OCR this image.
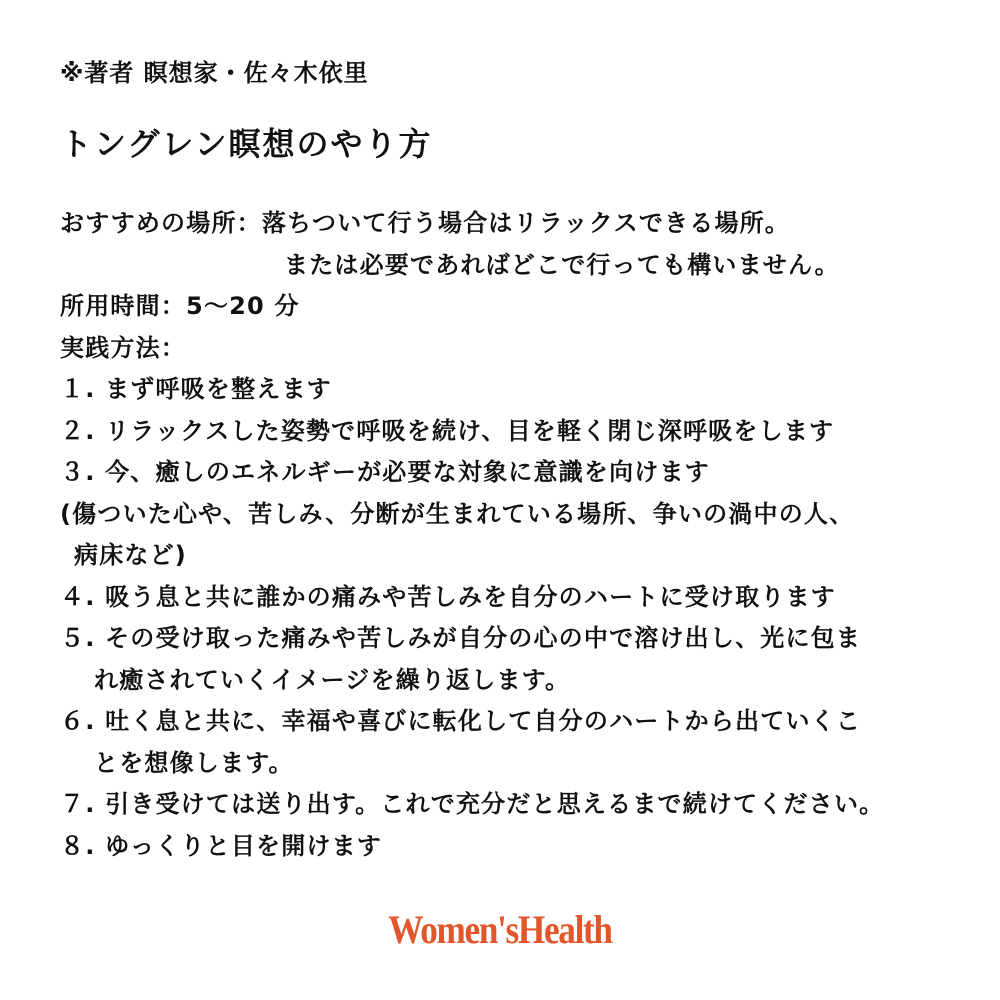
※著者 瞑想家・佐々木依里
トングレン瞑想のやり方
おすすめの場所：落ちついて行う場合はリラックスできる場所。
または必要であればどこで行っても構いません。
所用時間：5〜20 分
実践方法：
１. まず呼吸を整えます
２. リラックスした姿勢で呼吸を続け、目を軽く閉じ深呼吸をします
３. 今、癒しのエネルギーが必要な対象に意識を向けます
(傷ついた心や、苦しみ、分断が生まれている場所、争いの渦中の人、
病床など)
４. 吸う息と共に誰かの痛みや苦しみを自分のハートに受け取ります
５. その受け取った痛みや苦しみが自分の心の中で溶け出し、光に包ま
れ癒されていくイメージを繰り返します。
６. 吐く息と共に、幸福や喜びに転化して自分のハートから出ていくこ
とを想像します。
７. 引き受けては送り出す。これで充分だと思えるまで続けてください。
８. ゆっくりと目を開けます
Women'sHealth
